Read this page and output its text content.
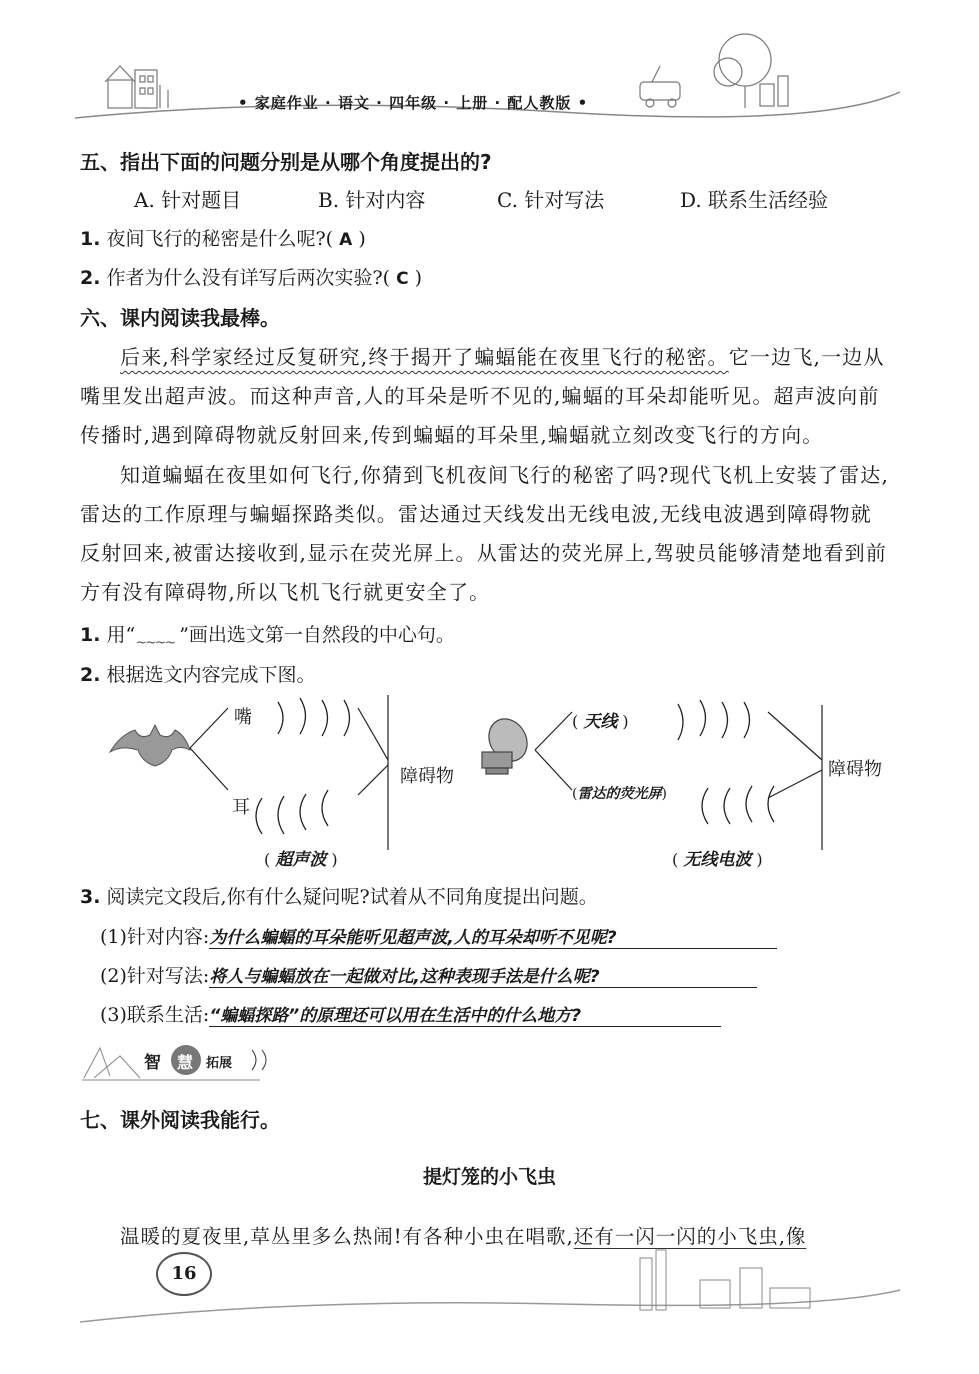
• 家庭作业 · 语文 · 四年级 · 上册 · 配人教版 •
五、指出下面的问题分别是从哪个角度提出的?
A. 针对题目	B. 针对内容	C. 针对写法	D. 联系生活经验
1. 夜间飞行的秘密是什么呢?( A )
2. 作者为什么没有详写后两次实验?( C )
六、课内阅读我最棒。
后来,科学家经过反复研究,终于揭开了蝙蝠能在夜里飞行的秘密。它一边飞,一边从嘴里发出超声波。而这种声音,人的耳朵是听不见的,蝙蝠的耳朵却能听见。超声波向前传播时,遇到障碍物就反射回来,传到蝙蝠的耳朵里,蝙蝠就立刻改变飞行的方向。
知道蝙蝠在夜里如何飞行,你猜到飞机夜间飞行的秘密了吗?现代飞机上安装了雷达,雷达的工作原理与蝙蝠探路类似。雷达通过天线发出无线电波,无线电波遇到障碍物就反射回来,被雷达接收到,显示在荧光屏上。从雷达的荧光屏上,驾驶员能够清楚地看到前方有没有障碍物,所以飞机飞行就更安全了。
1. 用“~~~~ ”画出选文第一自然段的中心句。
2. 根据选文内容完成下图。
嘴
耳
障碍物
( 超声波 )
( 天线 )
(雷达的荧光屏)
障碍物
( 无线电波 )
3. 阅读完文段后,你有什么疑问呢?试着从不同角度提出问题。
(1)针对内容:为什么蝙蝠的耳朵能听见超声波,人的耳朵却听不见呢?
(2)针对写法:将人与蝙蝠放在一起做对比,这种表现手法是什么呢?
(3)联系生活:“蝙蝠探路”的原理还可以用在生活中的什么地方?
智 慧 拓展
七、课外阅读我能行。
提灯笼的小飞虫
温暖的夏夜里,草丛里多么热闹!有各种小虫在唱歌,还有一闪一闪的小飞虫,像
16
